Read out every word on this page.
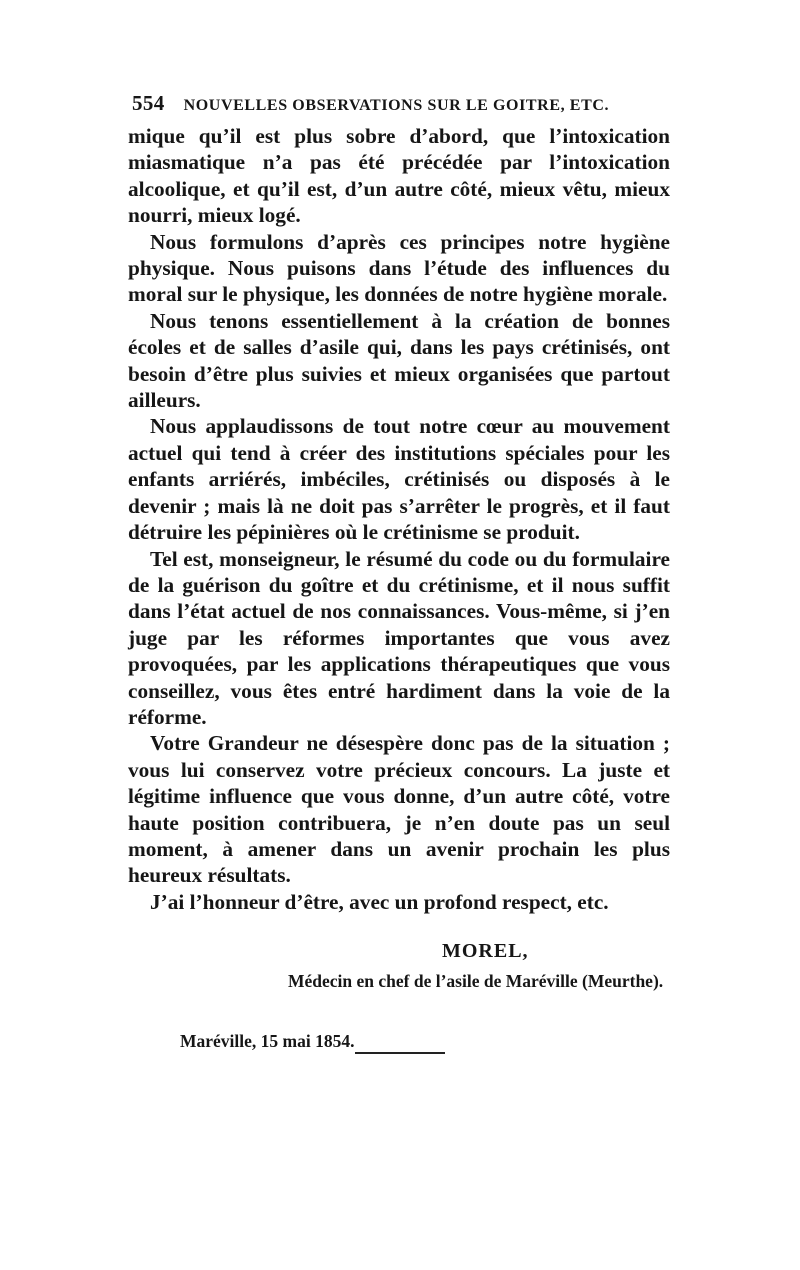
554 NOUVELLES OBSERVATIONS SUR LE GOITRE, ETC.

mique qu’il est plus sobre d’abord, que l’intoxication miasmatique n’a pas été précédée par l’intoxication alcoolique, et qu’il est, d’un autre côté, mieux vêtu, mieux nourri, mieux logé.

Nous formulons d’après ces principes notre hygiène physique. Nous puisons dans l’étude des influences du moral sur le physique, les données de notre hygiène morale.

Nous tenons essentiellement à la création de bonnes écoles et de salles d’asile qui, dans les pays crétinisés, ont besoin d’être plus suivies et mieux organisées que partout ailleurs.

Nous applaudissons de tout notre cœur au mouvement actuel qui tend à créer des institutions spéciales pour les enfants arriérés, imbéciles, crétinisés ou disposés à le devenir ; mais là ne doit pas s’arrêter le progrès, et il faut détruire les pépinières où le crétinisme se produit.

Tel est, monseigneur, le résumé du code ou du formulaire de la guérison du goître et du crétinisme, et il nous suffit dans l’état actuel de nos connaissances. Vous-même, si j’en juge par les réformes importantes que vous avez provoquées, par les applications thérapeutiques que vous conseillez, vous êtes entré hardiment dans la voie de la réforme.

Votre Grandeur ne désespère donc pas de la situation ; vous lui conservez votre précieux concours. La juste et légitime influence que vous donne, d’un autre côté, votre haute position contribuera, je n’en doute pas un seul moment, à amener dans un avenir prochain les plus heureux résultats.

J’ai l’honneur d’être, avec un profond respect, etc.

MOREL,
Médecin en chef de l’asile de Maréville (Meurthe).
Maréville, 15 mai 1854.
